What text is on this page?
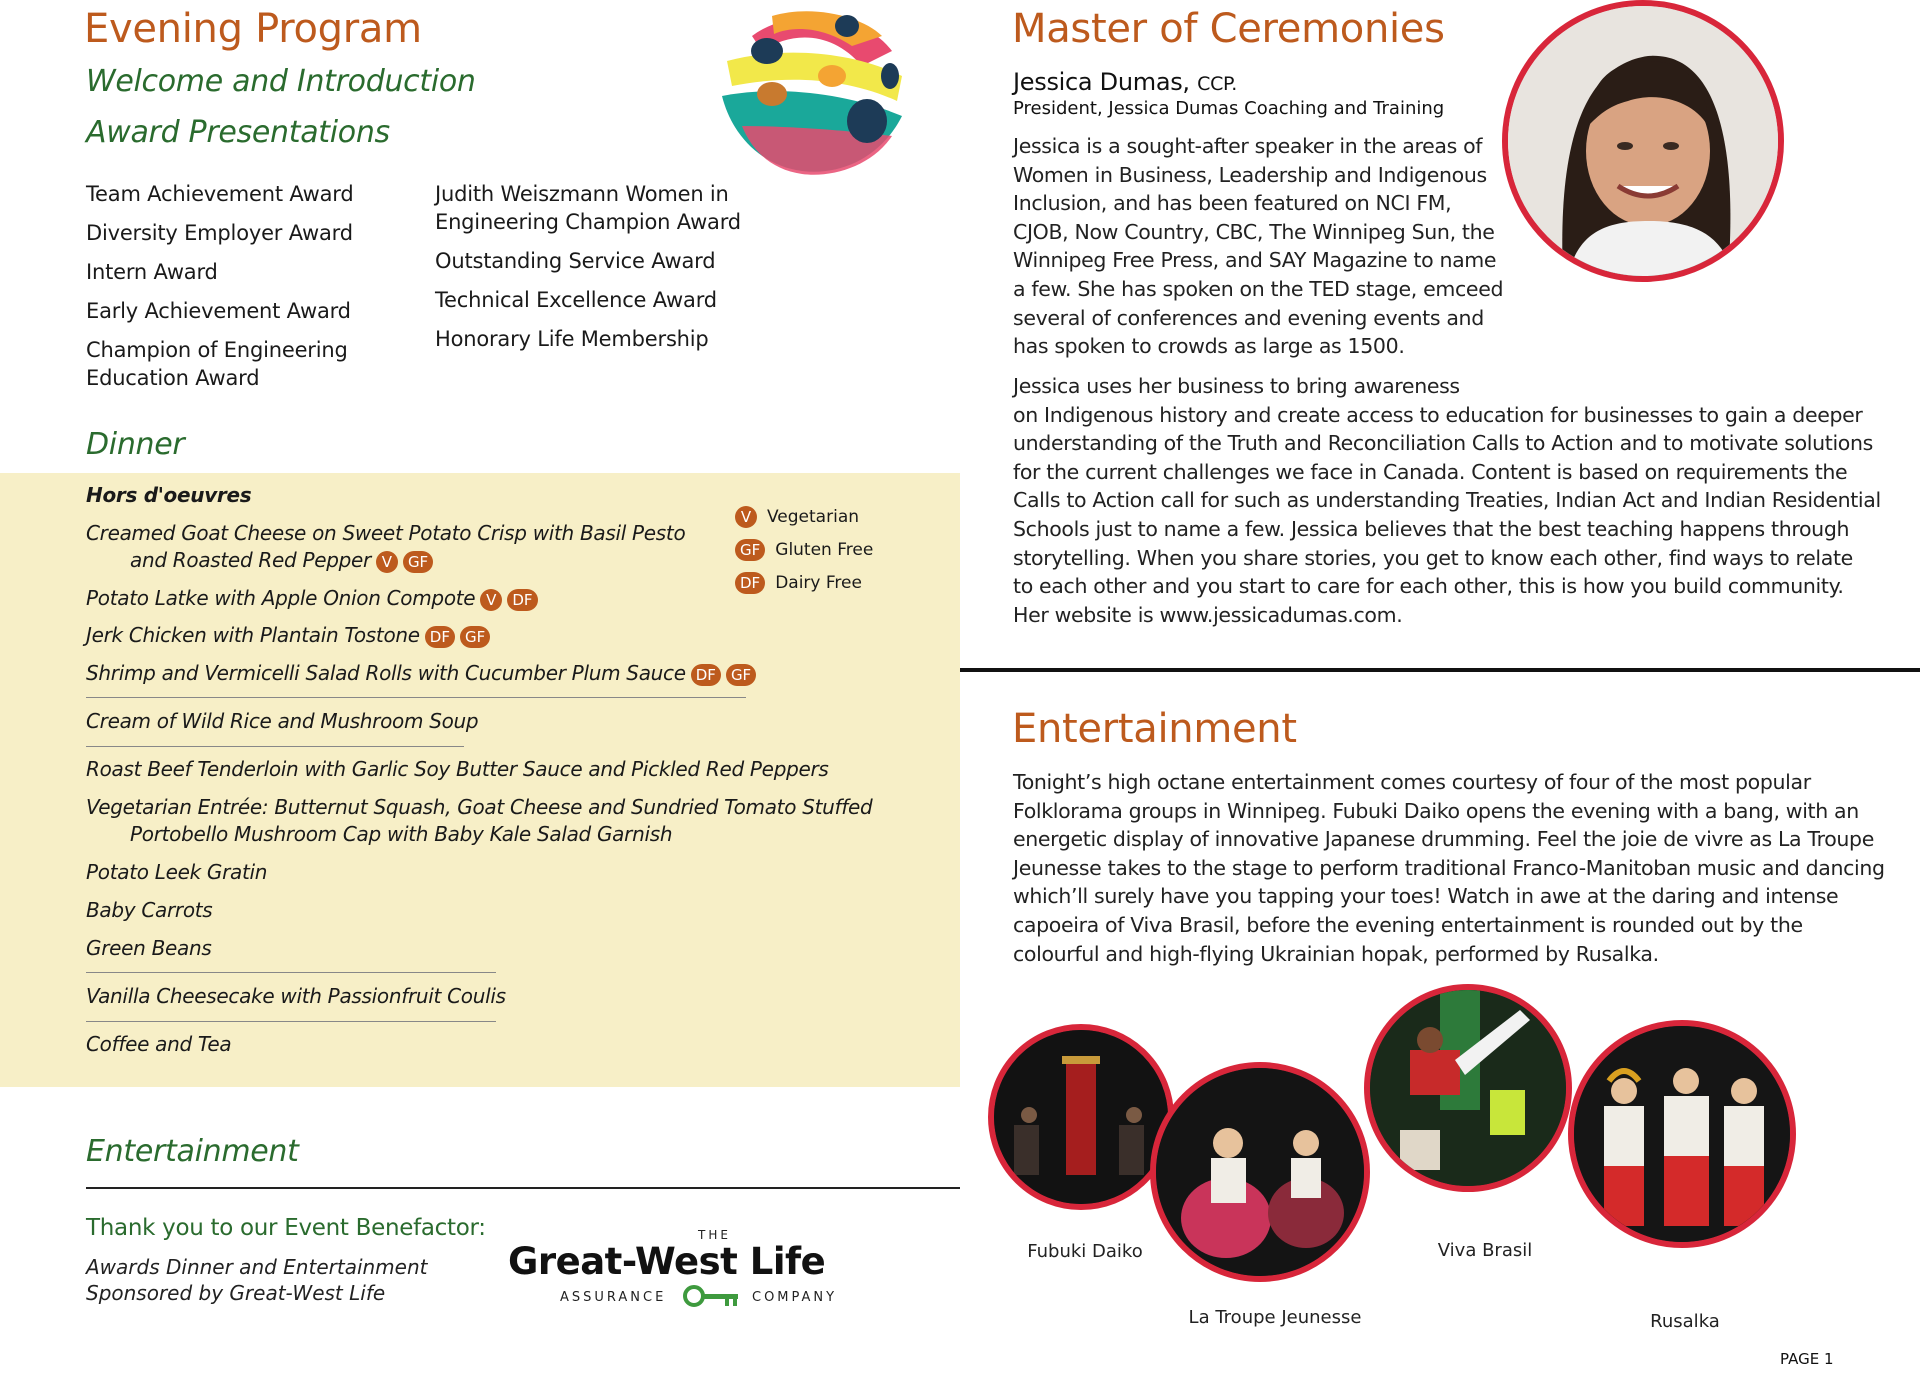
Evening Program

Welcome and Introduction

Award Presentations

Team Achievement Award
Diversity Employer Award
Intern Award
Early Achievement Award
Champion of Engineering Education Award
Judith Weiszmann Women in Engineering Champion Award
Outstanding Service Award
Technical Excellence Award
Honorary Life Membership

Dinner

Hors d'oeuvres
Creamed Goat Cheese on Sweet Potato Crisp with Basil Pesto
and Roasted Red Pepper V GF
Potato Latke with Apple Onion Compote V DF
Jerk Chicken with Plantain Tostone DF GF
Shrimp and Vermicelli Salad Rolls with Cucumber Plum Sauce DF GF
Cream of Wild Rice and Mushroom Soup
Roast Beef Tenderloin with Garlic Soy Butter Sauce and Pickled Red Peppers
Vegetarian Entrée: Butternut Squash, Goat Cheese and Sundried Tomato Stuffed
Portobello Mushroom Cap with Baby Kale Salad Garnish
Potato Leek Gratin
Baby Carrots
Green Beans
Vanilla Cheesecake with Passionfruit Coulis
Coffee and Tea
V Vegetarian
GF Gluten Free
DF Dairy Free

Entertainment

Thank you to our Event Benefactor:
Awards Dinner and Entertainment
Sponsored by Great-West Life
THE
Great-West Life
ASSURANCE	COMPANY
Master of Ceremonies
Jessica Dumas, CCP.
President, Jessica Dumas Coaching and Training
Jessica is a sought-after speaker in the areas of
Women in Business, Leadership and Indigenous
Inclusion, and has been featured on NCI FM,
CJOB, Now Country, CBC, The Winnipeg Sun, the
Winnipeg Free Press, and SAY Magazine to name
a few. She has spoken on the TED stage, emceed
several of conferences and evening events and
has spoken to crowds as large as 1500.
Jessica uses her business to bring awareness
on Indigenous history and create access to education for businesses to gain a deeper
understanding of the Truth and Reconciliation Calls to Action and to motivate solutions
for the current challenges we face in Canada. Content is based on requirements the
Calls to Action call for such as understanding Treaties, Indian Act and Indian Residential
Schools just to name a few. Jessica believes that the best teaching happens through
storytelling. When you share stories, you get to know each other, find ways to relate
to each other and you start to care for each other, this is how you build community.
Her website is www.jessicadumas.com.
Entertainment
Tonight’s high octane entertainment comes courtesy of four of the most popular
Folklorama groups in Winnipeg. Fubuki Daiko opens the evening with a bang, with an
energetic display of innovative Japanese drumming. Feel the joie de vivre as La Troupe
Jeunesse takes to the stage to perform traditional Franco-Manitoban music and dancing
which’ll surely have you tapping your toes! Watch in awe at the daring and intense
capoeira of Viva Brasil, before the evening entertainment is rounded out by the
colourful and high-flying Ukrainian hopak, performed by Rusalka.
Fubuki Daiko
La Troupe Jeunesse
Viva Brasil
Rusalka
PAGE 1
